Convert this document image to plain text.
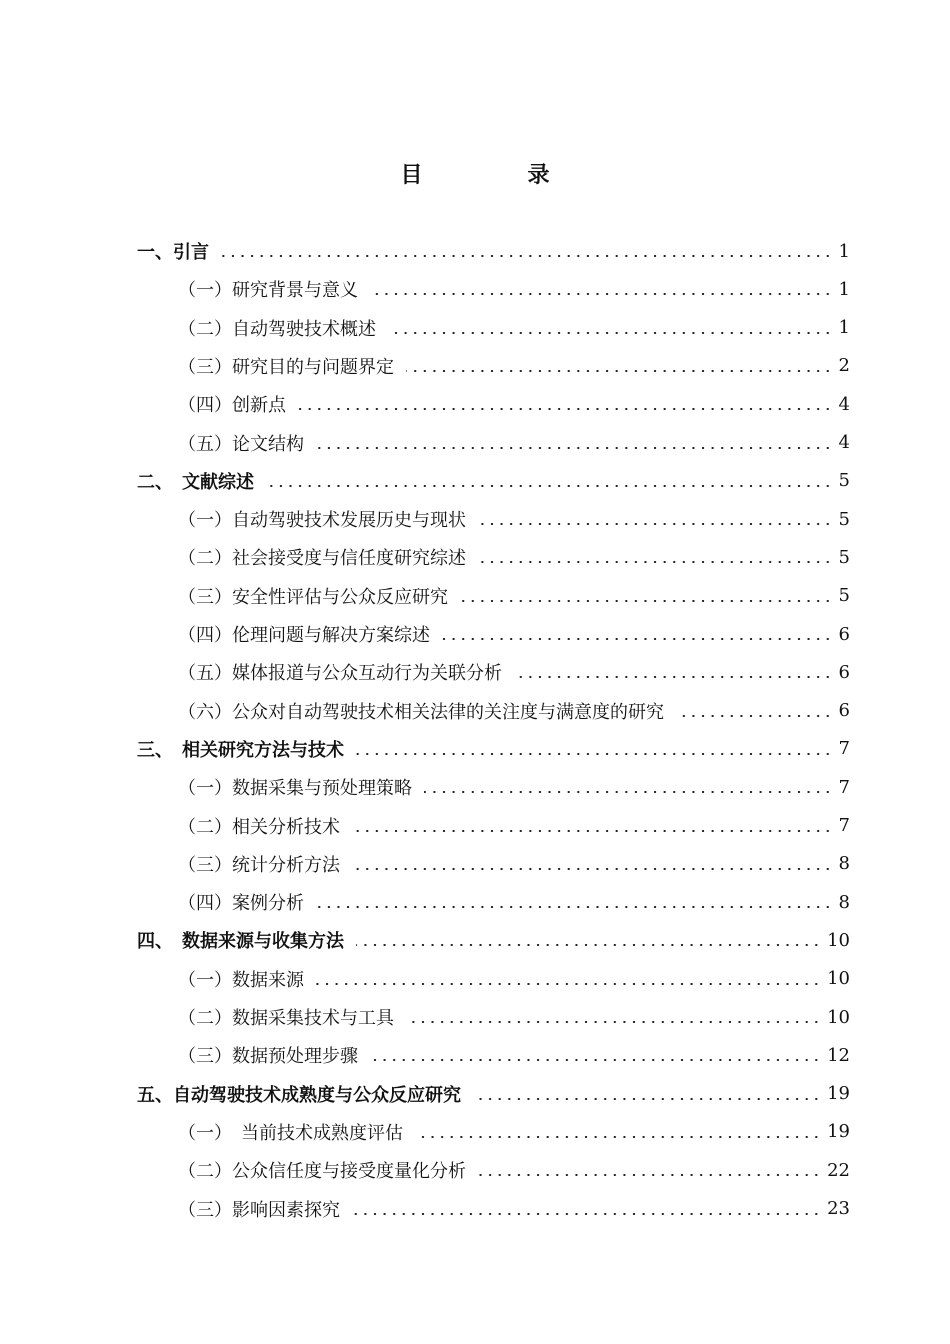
目	录
一、引言	1
（一）研究背景与意义	1
（二）自动驾驶技术概述	1
（三）研究目的与问题界定	2
（四）创新点	4
（五）论文结构	4
二、　文献综述	5
（一）自动驾驶技术发展历史与现状	5
（二）社会接受度与信任度研究综述	5
（三）安全性评估与公众反应研究	5
（四）伦理问题与解决方案综述	6
（五）媒体报道与公众互动行为关联分析	6
（六）公众对自动驾驶技术相关法律的关注度与满意度的研究	6
三、　相关研究方法与技术	7
（一）数据采集与预处理策略	7
（二）相关分析技术	7
（三）统计分析方法	8
（四）案例分析	8
四、　数据来源与收集方法	10
（一）数据来源	10
（二）数据采集技术与工具	10
（三）数据预处理步骤	12
五、自动驾驶技术成熟度与公众反应研究	19
（一）　当前技术成熟度评估	19
（二）公众信任度与接受度量化分析	22
（三）影响因素探究	23
